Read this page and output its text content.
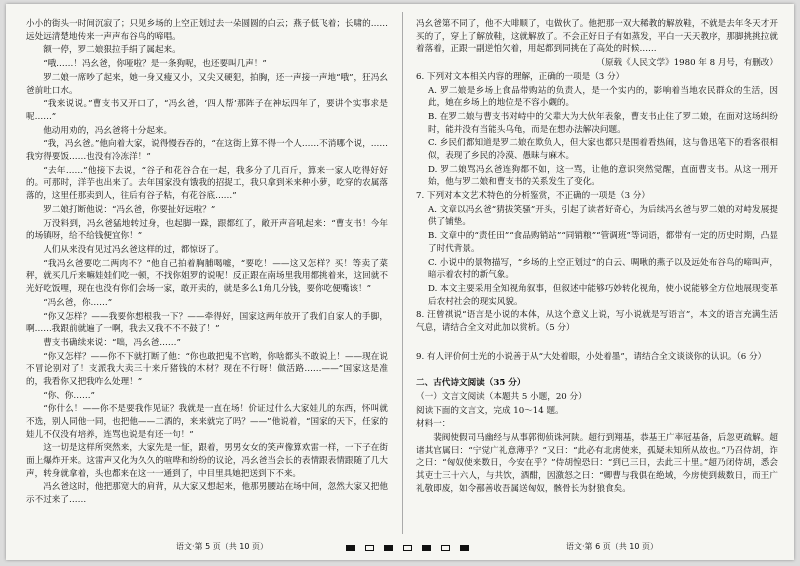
小小的街头一时间沉寂了；只见乡场的上空正划过去一朵圆圆的白云；燕子低飞着；长啸的……远处远清楚地传来一声声布谷鸟的啼唱。

额一停，罗二娘狠拉手绢了属起来。

“哦……！冯幺爸，你哑啦？是一条狗呢，也还要叫几声！”

罗二娘一席吵了起来，她一身又瘦又小，又尖又硬犯，拍胸，还一声接一声地“哦”，狂冯幺爸前吐口水。

“我来说说。”曹支书又开口了，“冯幺爸，‘四人帮’那阵子在神坛四年了，要讲个实事求是呢……”

他动用劝的，冯幺爸将十分起来。

“我，冯幺爸。”他向着大家，说得慢吞吞的，“在这街上算不得一个人……不消哪个说，……我穷得要饭……也没有冷冻洋！”

“去年……”他接下去说，“谷子和花谷合在一起，我多分了几百斤，算来一家人吃得好好的。可那时，洋芋也出来了。去年国家没有饿我的招捉工，我只拿到米来种小萝，吃穿的农属落落的，这里任那卖到人，往后有谷子粘，有花谷底……”

罗二娘打断他说：“冯幺爸，你要扯好远啦？”

万没料到，冯幺爸猛地转过身，也起脚一跺，跟都红了，敞开声音吼起来：“曹支书！今年的场镇呀，给不给钱便宜你！”

人们从来没有见过冯幺爸这样的过，都惊讶了。

“我冯幺爸要吃二两肉不？”他自己拍着胸脯喝嘘，“要吃！——这又怎样？买！等卖了菜秤，就买几斤来嘛娃娃们吃一顿，不找你姐罗的说呢！反正跟在南场里我用都挑着来，这回就不光好吃饭哩，现在也没有你们会场一家，敢开卖的，就是多么1角几分钱，要你吃便嘴该！”

“冯幺爸，你……”

“你又怎样？——我要你想根我一下？——牵得好，国家这两年放开了我们自家人的手脚，啊……我跟前就遍了一啊，我去又我不不不鼓了！”

曹支书确续来说：“咄，冯幺爸……”

“你又怎样？——你不下就打断了他：“你也敢把鬼不官哟，你啥都头不敢说上！——现在说不冒论别对了！支派我大卖三十来斤猪钱的木材？现在不行呀！做活路……——”国家这是准的，我看你又把我咋么处理！”

“你、你……”

“你什么！——你不是要我作见证？我就是一直在场！价证过什么大家娃儿的东西，怀叫就不选，别人同他一同，也把他——二酒的，来来就完了吗？——”他说着，“国家的天下，任家的娃儿不仅没有培养，连骂也说是有还一句！”

这一切是这样所突然来，大家先是一怔，跟着，男男女女的笑声像算欢雷一样，一下子在街面上爆炸开来。这雷声又化为久久的喧哗和纷纷的议论，冯幺爸当会长的表情跟表情跟随了几大声，转身就拿着，头也都来在这一一通到了，中目里具她把送到下不来。

冯幺爸这时，他把那宽大的肩背，从大家又想起来，他那男腰站在场中间，忽然大家又把他示不过来了……

冯幺爸第不同了，他不大啡顺了，屯做伙了。他把那一双大稀教的解放鞋，不就是去年冬天才开买的了，穿上了解放鞋，这就解放了。不会正好日子有如蒸发，平白一天天教序，那脚挑挑拉就着落着，正跟一副逆怕欠着，用起都到同挑在了高处的时候……

（原载《人民文学》1980 年 8 月号，有删改）

6. 下列对文本相关内容的理解，正确的一项是（3 分）

A. 罗二娘是乡场上食品带购站的负责人，是一个实内的，影响着当地农民群众的生活，因此，她在乡场上的地位是不容小觑的。

B. 在罗二娘与曹支书对峙中的父辈大为大伙年表象，曹支书止住了罗二娘，在面对这场纠纷时，能并没有当能头乌龟，而是在想办法解决问题。

C. 乡民们都知道是罗二娘在欺负人，但大家也都只是围着看热闹，这与鲁迅笔下的看客很相似，表现了乡民的冷漠、愚昧与麻木。

D. 罗二娘骂冯幺爸连狗都不如，这一骂，让他的意识突然觉醒，直面曹支书。从这一刑开始，他与罗二娘和曹支书的关系发生了变化。

7. 下列对本文艺术特色的分析鉴赏，不正确的一项是（3 分）

A. 文章以冯幺爸“猜拔笑骚”开头，引起了读者好奇心，为后续冯幺爸与罗二娘的对峙发展提供了铺垫。

B. 文章中的“责任田”“食品购销站”“同销粮”“管调班”等词语，都带有一定的历史时期，凸显了时代背景。

C. 小说中的景物描写，“乡场的上空正划过”的白云、啁啾的燕子以及远处布谷鸟的啼叫声，暗示着农村的新气象。

D. 本文主要采用全知视角叙事，但叙述中能够巧妙转化视角，使小说能够全方位地展现变革后农村社会的现实风貌。

8. 汪曾祺说“语言是小说的本体，从这个意义上说，写小说就是写语言”，本文的语言充满生活气息，请结合全文对此加以赏析。（5 分）

9. 有人评价何士光的小说善于从“大处着眼，小处着墨”，请结合全文谈谈你的认识。（6 分）

二、古代诗文阅读（35 分）

（一）文言文阅读（本题共 5 小题，20 分）

阅读下面的文言文，完成 10～14 题。

材料一：

裴阀使假司马幽经与从事郭彻侦诛河陕。超行到翔基，恭基王广率冠基备，后忽更疏解。超诸其官属曰：“宁觉广礼意薄乎？”又曰：“此必有北虏使来，孤疑未知所从故也。”乃召侍胡，诈之曰：“匈奴使来数日，今安在乎？”侍胡惶恐曰：“到已三日，去此三十里。”超乃闭侍胡，悉会其吏士三十六人，与共饮，酒酣，因激怒之曰：“卿曹与我俱在绝域，今房使到裁数日，而王广礼敬即废，如令鄯善收吾属送匈奴，骸骨长为豺狼食矣。

语文·第 5 页（共 10 页）	语文·第 6 页（共 10 页）
